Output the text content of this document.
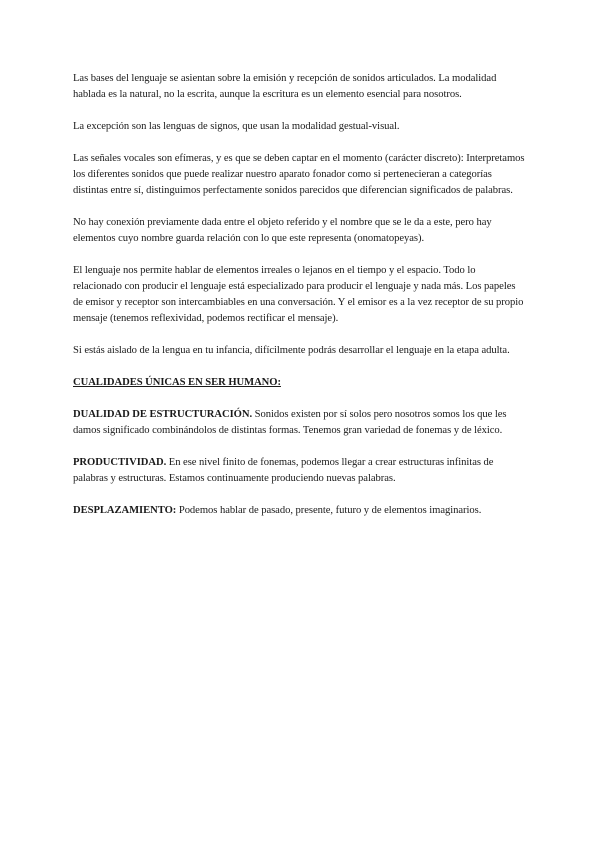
Las bases del lenguaje se asientan sobre la emisión y recepción de sonidos articulados. La modalidad hablada es la natural, no la escrita, aunque la escritura es un elemento esencial para nosotros.

La excepción son las lenguas de signos, que usan la modalidad gestual-visual.

Las señales vocales son efímeras, y es que se deben captar en el momento (carácter discreto): Interpretamos los diferentes sonidos que puede realizar nuestro aparato fonador como si pertenecieran a categorías distintas entre sí, distinguimos perfectamente sonidos parecidos que diferencian significados de palabras.

No hay conexión previamente dada entre el objeto referido y el nombre que se le da a este, pero hay elementos cuyo nombre guarda relación con lo que este representa (onomatopeyas).

El lenguaje nos permite hablar de elementos irreales o lejanos en el tiempo y el espacio. Todo lo relacionado con producir el lenguaje está especializado para producir el lenguaje y nada más. Los papeles de emisor y receptor son intercambiables en una conversación. Y el emisor es a la vez receptor de su propio mensaje (tenemos reflexividad, podemos rectificar el mensaje).

Si estás aislado de la lengua en tu infancia, difícilmente podrás desarrollar el lenguaje en la etapa adulta.

CUALIDADES ÚNICAS EN SER HUMANO:

DUALIDAD DE ESTRUCTURACIÓN. Sonidos existen por sí solos pero nosotros somos los que les damos significado combinándolos de distintas formas. Tenemos gran variedad de fonemas y de léxico.

PRODUCTIVIDAD. En ese nivel finito de fonemas, podemos llegar a crear estructuras infinitas de palabras y estructuras. Estamos continuamente produciendo nuevas palabras.

DESPLAZAMIENTO: Podemos hablar de pasado, presente, futuro y de elementos imaginarios.
